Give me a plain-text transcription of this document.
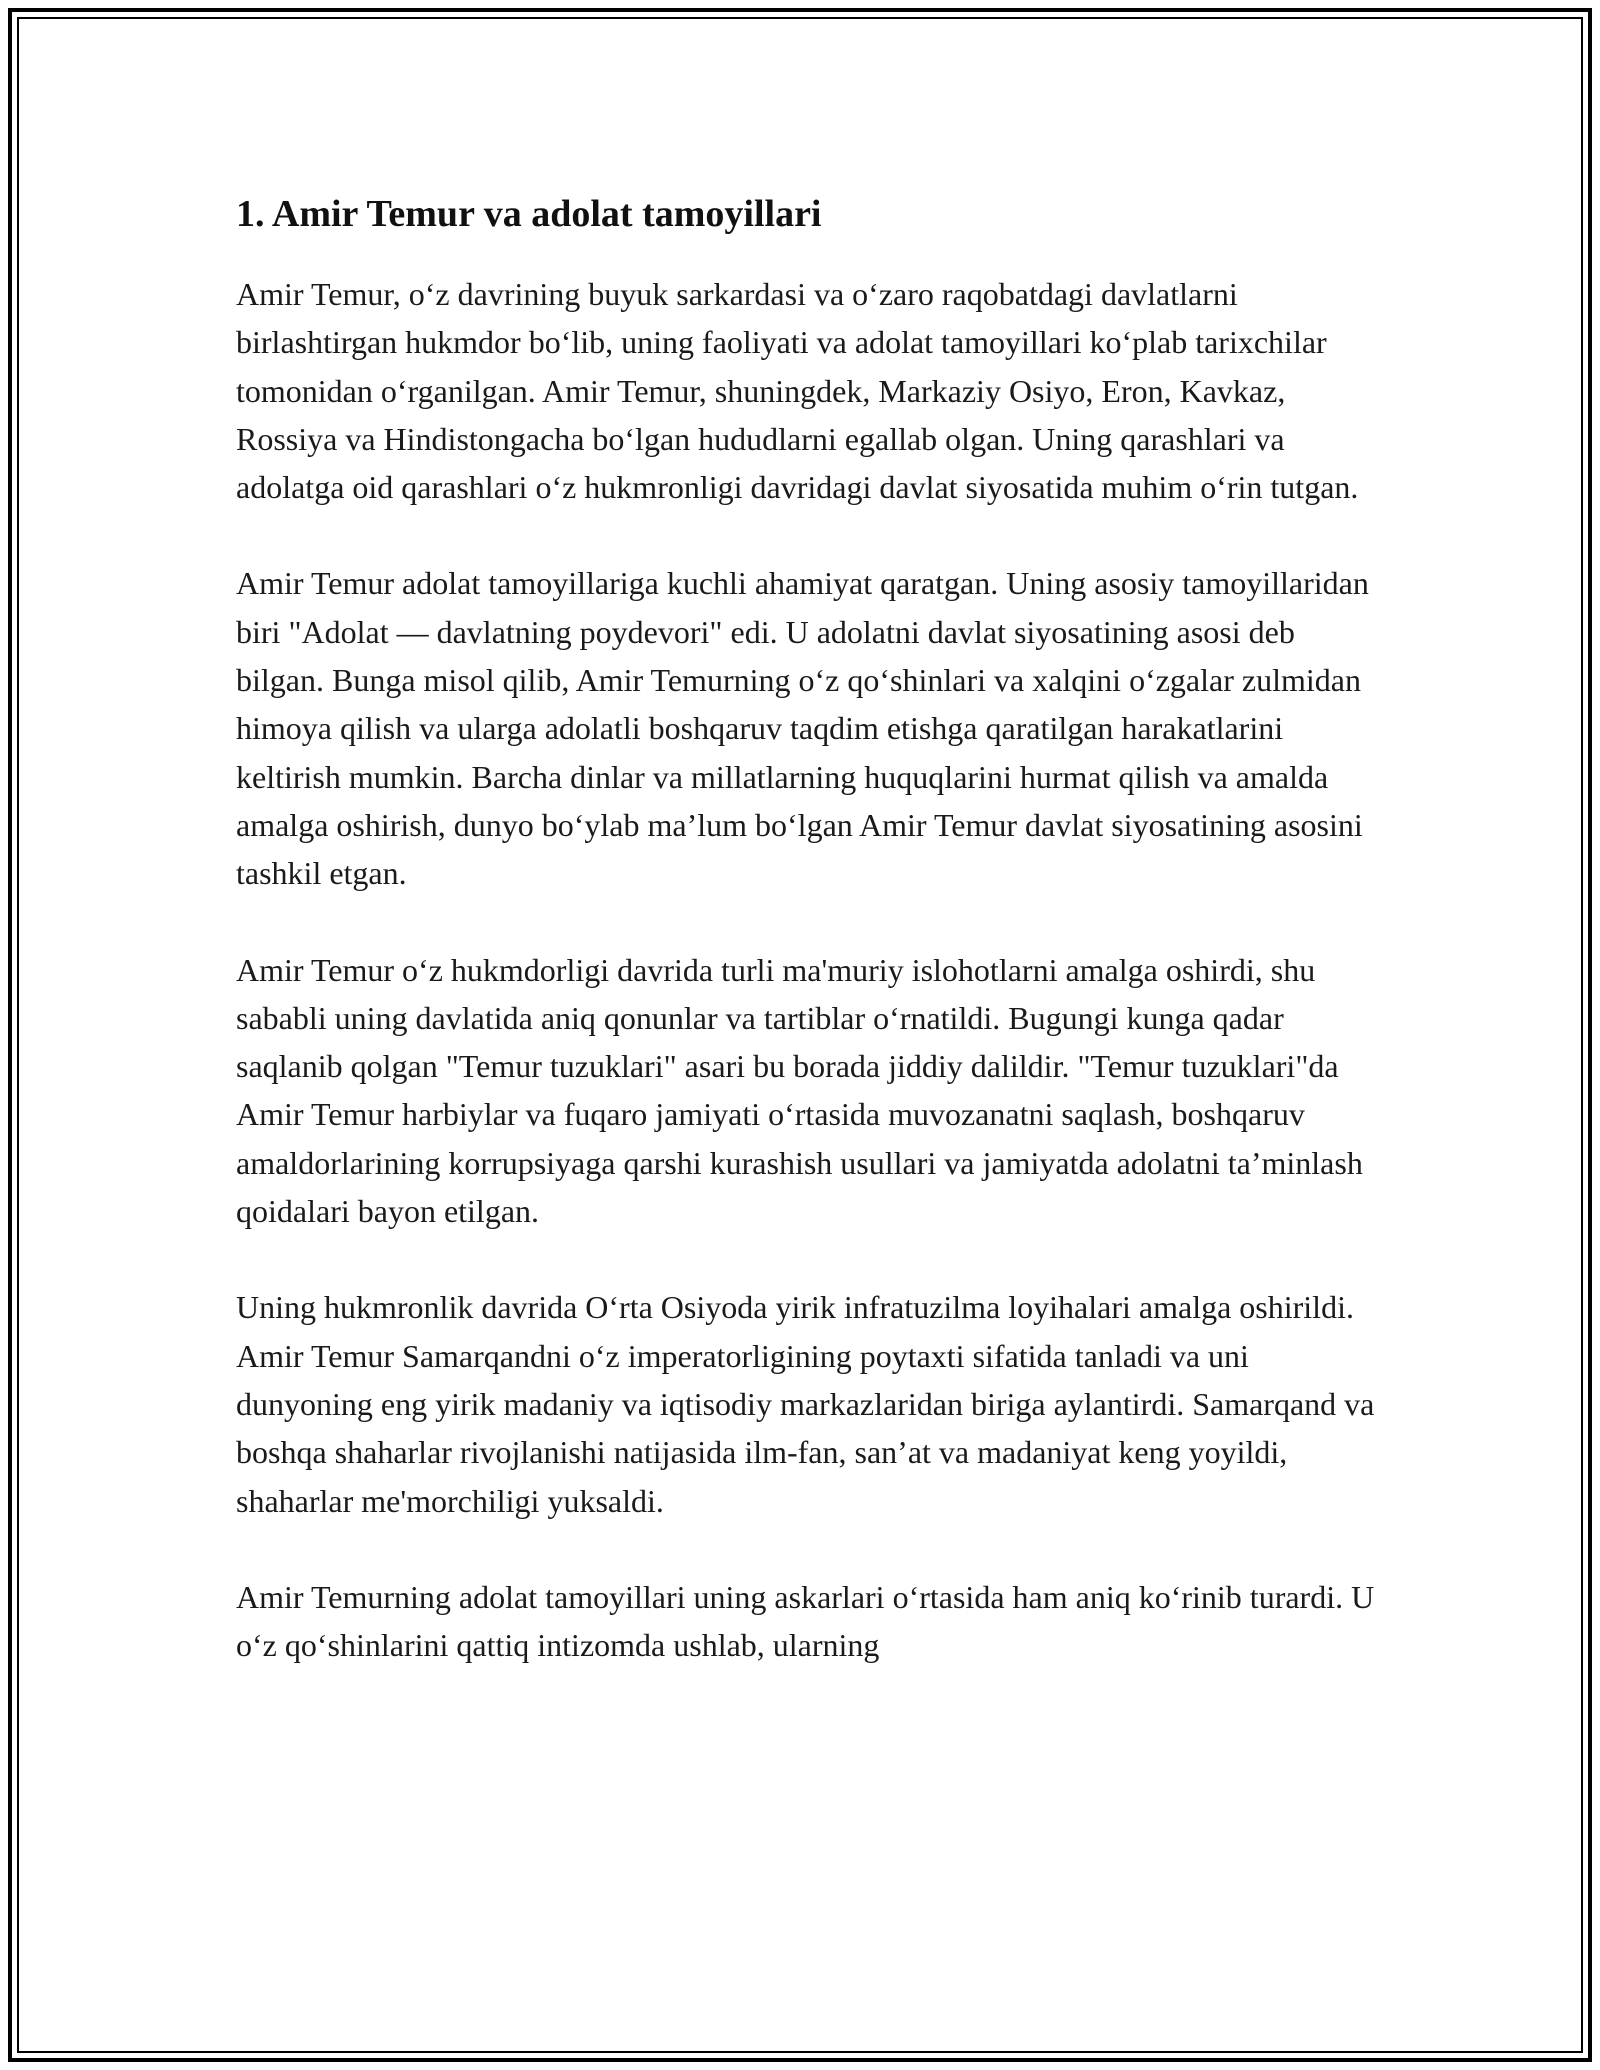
1. Amir Temur va adolat tamoyillari

Amir Temur, o‘z davrining buyuk sarkardasi va o‘zaro raqobatdagi davlatlarni birlashtirgan hukmdor bo‘lib, uning faoliyati va adolat tamoyillari ko‘plab tarixchilar tomonidan o‘rganilgan. Amir Temur, shuningdek, Markaziy Osiyo, Eron, Kavkaz, Rossiya va Hindistongacha bo‘lgan hududlarni egallab olgan. Uning qarashlari va adolatga oid qarashlari o‘z hukmronligi davridagi davlat siyosatida muhim o‘rin tutgan.

Amir Temur adolat tamoyillariga kuchli ahamiyat qaratgan. Uning asosiy tamoyillaridan biri "Adolat — davlatning poydevori" edi. U adolatni davlat siyosatining asosi deb bilgan. Bunga misol qilib, Amir Temurning o‘z qo‘shinlari va xalqini o‘zgalar zulmidan himoya qilish va ularga adolatli boshqaruv taqdim etishga qaratilgan harakatlarini keltirish mumkin. Barcha dinlar va millatlarning huquqlarini hurmat qilish va amalda amalga oshirish, dunyo bo‘ylab ma’lum bo‘lgan Amir Temur davlat siyosatining asosini tashkil etgan.

Amir Temur o‘z hukmdorligi davrida turli ma'muriy islohotlarni amalga oshirdi, shu sababli uning davlatida aniq qonunlar va tartiblar o‘rnatildi. Bugungi kunga qadar saqlanib qolgan "Temur tuzuklari" asari bu borada jiddiy dalildir. "Temur tuzuklari"da Amir Temur harbiylar va fuqaro jamiyati o‘rtasida muvozanatni saqlash, boshqaruv amaldorlarining korrupsiyaga qarshi kurashish usullari va jamiyatda adolatni ta’minlash qoidalari bayon etilgan.

Uning hukmronlik davrida O‘rta Osiyoda yirik infratuzilma loyihalari amalga oshirildi. Amir Temur Samarqandni o‘z imperatorligining poytaxti sifatida tanladi va uni dunyoning eng yirik madaniy va iqtisodiy markazlaridan biriga aylantirdi. Samarqand va boshqa shaharlar rivojlanishi natijasida ilm-fan, san’at va madaniyat keng yoyildi, shaharlar me'morchiligi yuksaldi.

Amir Temurning adolat tamoyillari uning askarlari o‘rtasida ham aniq ko‘rinib turardi. U o‘z qo‘shinlarini qattiq intizomda ushlab, ularning
